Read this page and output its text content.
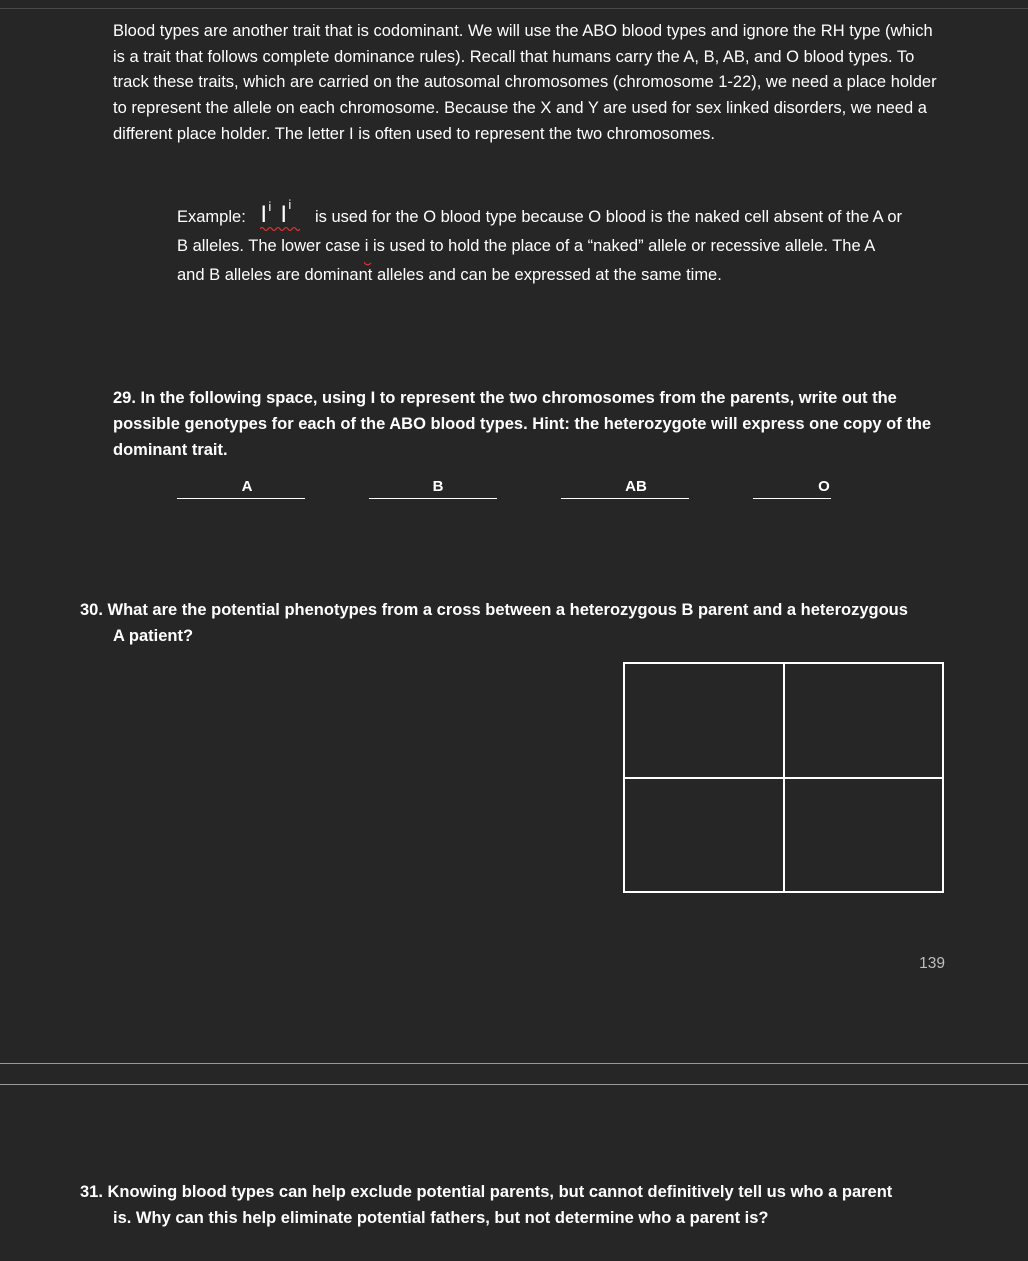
Blood types are another trait that is codominant. We will use the ABO blood types and ignore the RH type (which is a trait that follows complete dominance rules). Recall that humans carry the A, B, AB, and O blood types. To track these traits, which are carried on the autosomal chromosomes (chromosome 1-22), we need a place holder to represent the allele on each chromosome. Because the X and Y are used for sex linked disorders, we need a different place holder. The letter I is often used to represent the two chromosomes.

Example: I i I i
is used for the O blood type because O blood is the naked cell absent of the A or
B alleles. The lower case i
is used to hold the place of a “naked” allele or recessive allele. The A
and B alleles are dominant alleles and can be expressed at the same time.

29. In the following space, using I to represent the two chromosomes from the parents, write out the possible genotypes for each of the ABO blood types. Hint: the heterozygote will express one copy of the dominant trait.

A	B	AB	O

30. What are the potential phenotypes from a cross between a heterozygous B parent and a heterozygous
A patient?

139

31. Knowing blood types can help exclude potential parents, but cannot definitively tell us who a parent
is. Why can this help eliminate potential fathers, but not determine who a parent is?
